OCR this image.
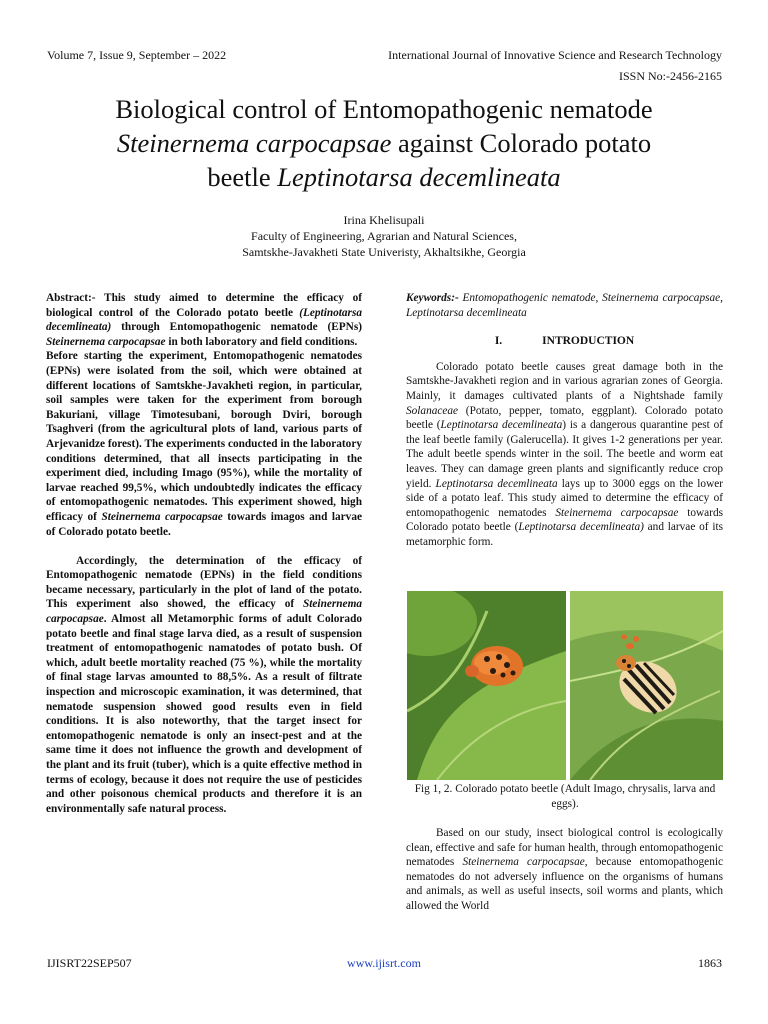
Volume 7, Issue 9, September – 2022	International Journal of Innovative Science and Research Technology
ISSN No:-2456-2165
Biological control of Entomopathogenic nematode
Steinernema carpocapsae against Colorado potato
beetle Leptinotarsa decemlineata
Irina Khelisupali
Faculty of Engineering, Agrarian and Natural Sciences,
Samtskhe-Javakheti State Univeristy, Akhaltsikhe, Georgia

Abstract:- This study aimed to determine the efficacy of biological control of the Colorado potato beetle (Leptinotarsa decemlineata) through Entomopathogenic nematode (EPNs) Steinernema carpocapsae in both laboratory and field conditions.

Before starting the experiment, Entomopathogenic nematodes (EPNs) were isolated from the soil, which were obtained at different locations of Samtskhe-Javakheti region, in particular, soil samples were taken for the experiment from borough Bakuriani, village Timotesubani, borough Dviri, borough Tsaghveri (from the agricultural plots of land, various parts of Arjevanidze forest). The experiments conducted in the laboratory conditions determined, that all insects participating in the experiment died, including Imago (95%), while the mortality of larvae reached 99,5%, which undoubtedly indicates the efficacy of entomopathogenic nematodes. This experiment showed, high efficacy of Steinernema carpocapsae towards imagos and larvae of Colorado potato beetle.

Accordingly, the determination of the efficacy of Entomopathogenic nematode (EPNs) in the field conditions became necessary, particularly in the plot of land of the potato. This experiment also showed, the efficacy of Steinernema carpocapsae. Almost all Metamorphic forms of adult Colorado potato beetle and final stage larva died, as a result of suspension treatment of entomopathogenic namatodes of potato bush. Of which, adult beetle mortality reached (75 %), while the mortality of final stage larvas amounted to 88,5%. As a result of filtrate inspection and microscopic examination, it was determined, that nematode suspension showed good results even in field conditions. It is also noteworthy, that the target insect for entomopathogenic nematode is only an insect-pest and at the same time it does not influence the growth and development of the plant and its fruit (tuber), which is a quite effective method in terms of ecology, because it does not require the use of pesticides and other poisonous chemical products and therefore it is an environmentally safe natural process.

Keywords:- Entomopathogenic nematode, Steinernema carpocapsae, Leptinotarsa decemlineata

I.	INTRODUCTION

Colorado potato beetle causes great damage both in the Samtskhe-Javakheti region and in various agrarian zones of Georgia. Mainly, it damages cultivated plants of a Nightshade family Solanaceae (Potato, pepper, tomato, eggplant). Colorado potato beetle (Leptinotarsa decemlineata) is a dangerous quarantine pest of the leaf beetle family (Galerucella). It gives 1-2 generations per year. The adult beetle spends winter in the soil. The beetle and worm eat leaves. They can damage green plants and significantly reduce crop yield. Leptinotarsa decemlineata lays up to 3000 eggs on the lower side of a potato leaf. This study aimed to determine the efficacy of entomopathogenic nematodes Steinernema carpocapsae towards Colorado potato beetle (Leptinotarsa decemlineata) and larvae of its metamorphic form.

Fig 1, 2. Colorado potato beetle (Adult Imago, chrysalis, larva and eggs).

Based on our study, insect biological control is ecologically clean, effective and safe for human health, through entomopathogenic nematodes Steinernema carpocapsae, because entomopathogenic nematodes do not adversely influence on the organisms of humans and animals, as well as useful insects, soil worms and plants, which allowed the World

IJISRT22SEP507	www.ijisrt.com	1863
